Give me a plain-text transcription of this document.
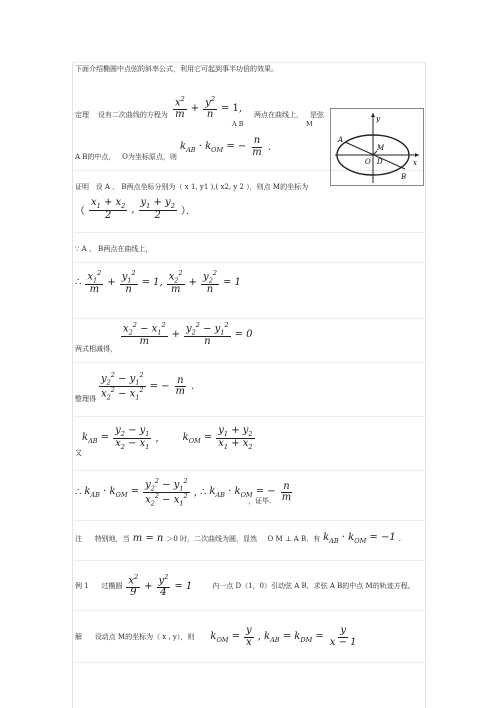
下面介绍椭圆中点弦的斜率公式，利用它可起到事半功倍的效果。
定理 设有二次曲线的方程为 $\frac{x^2}{m} + \frac{y^2}{n} = 1$,
两点在曲线上， 是弦
A B	M
A B的中点， O为坐标原点，则
$k_{AB} \cdot k_{OM}$ = − $\frac{n}{m}$ .
y
A
M
O D	x
B
证明 设 A 、 B两点坐标分别为（ x 1, y1 ),( x2, y 2 ），则点 M的坐标为
（ $\frac{x_1 + x_2}{2}$ , $\frac{y_1 + y_2}{2}$ ）．
∵ A 、 B两点在曲线上，
∴ $\frac{x_1^2}{m} + \frac{y_1^2}{n} = 1$, $\frac{x_2^2}{m} + \frac{y_2^2}{n} = 1$
两式相减得，
$\frac{x_2^2 - x_1^2}{m} + \frac{y_2^2 - y_1^2}{n} = 0$
整理得 $\frac{y_2^2 - y_1^2}{x_2^2 - x_1^2}$ = − $\frac{n}{m}$ .
又
$k_{AB} = \frac{y_2 - y_1}{x_2 - x_1}$ , $k_{OM} = \frac{y_1 + y_2}{x_1 + x_2}$
∴ $k_{AB} \cdot k_{OM} = \frac{y_2^2 - y_1^2}{x_2^2 - x_1^2}$ , ∴ $k_{AB} \cdot k_{OM}$ = − $\frac{n}{m}$
，证毕.
注
特别地，当 m = n ＞0 时，二次曲线为圆，显然
O M ⊥ A B，有 $k_{AB} \cdot k_{OM} = -1$ .
例 1
过椭圆 $\frac{x^2}{9} + \frac{y^2}{4} = 1$	内一点 D（1，0）引动弦 A B，求弦 A B的中点 M的轨迹方程。
解
设动点 M的坐标为（ x , y），则 $k_{OM} = \frac{y}{x}$ , $k_{AB} = k_{DM} = \frac{y}{x - 1}$
